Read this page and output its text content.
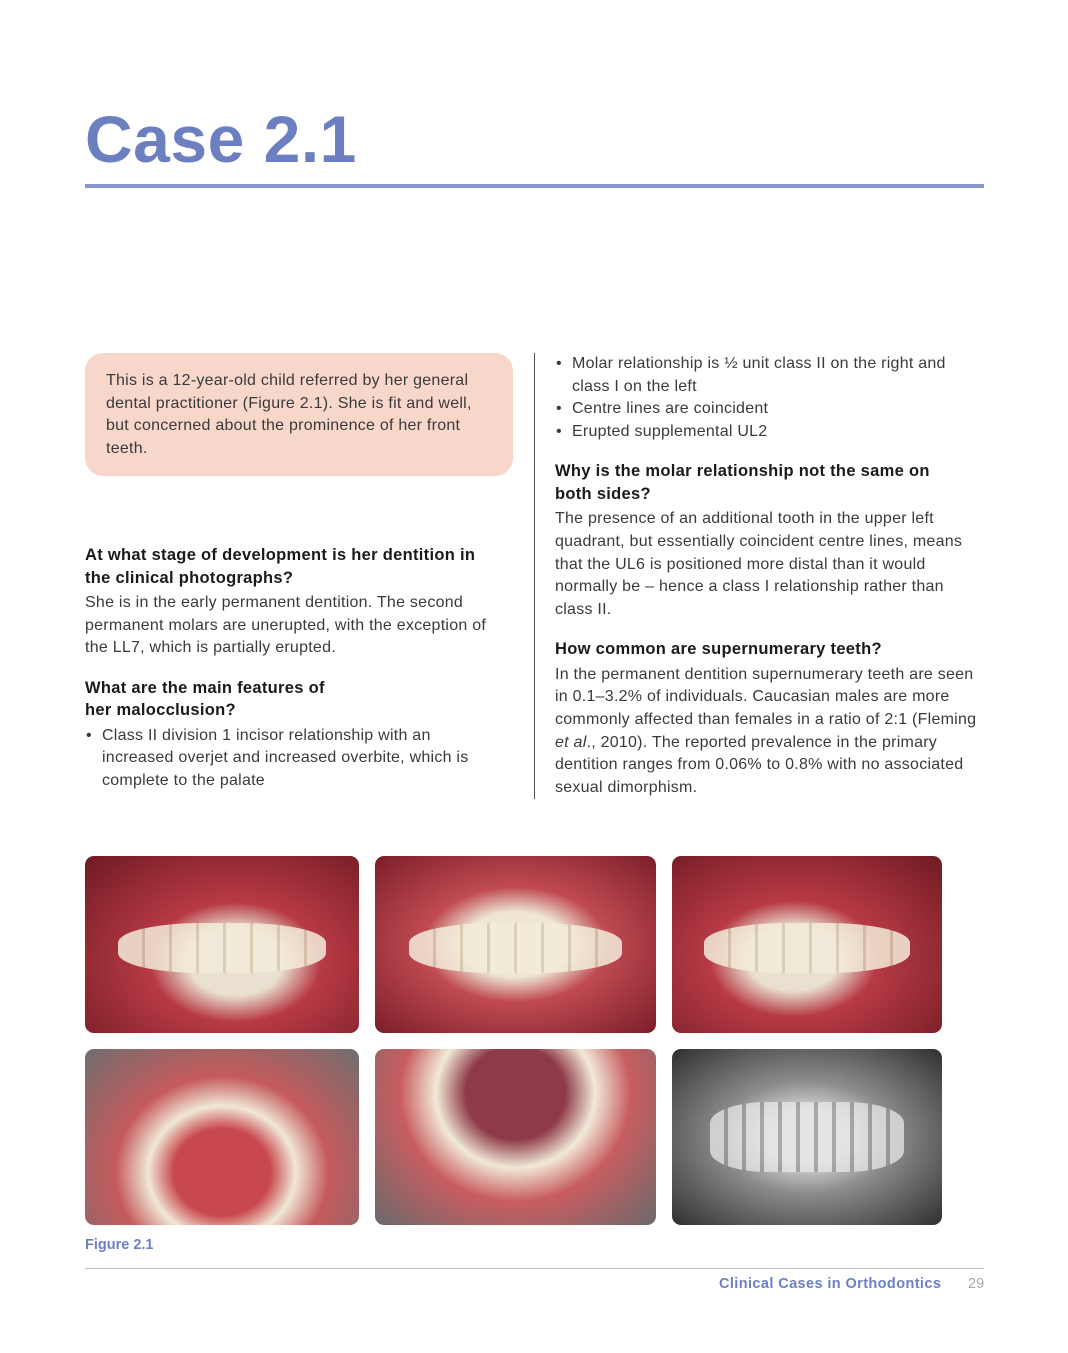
Case 2.1
This is a 12-year-old child referred by her general dental practitioner (Figure 2.1). She is fit and well, but concerned about the prominence of her front teeth.
At what stage of development is her dentition in the clinical photographs?
She is in the early permanent dentition. The second permanent molars are unerupted, with the exception of the LL7, which is partially erupted.
What are the main features of her malocclusion?
• Class II division 1 incisor relationship with an increased overjet and increased overbite, which is complete to the palate
• Molar relationship is ½ unit class II on the right and class I on the left
• Centre lines are coincident
• Erupted supplemental UL2
Why is the molar relationship not the same on both sides?
The presence of an additional tooth in the upper left quadrant, but essentially coincident centre lines, means that the UL6 is positioned more distal than it would normally be – hence a class I relationship rather than class II.
How common are supernumerary teeth?
In the permanent dentition supernumerary teeth are seen in 0.1–3.2% of individuals. Caucasian males are more commonly affected than females in a ratio of 2:1 (Fleming et al., 2010). The reported prevalence in the primary dentition ranges from 0.06% to 0.8% with no associated sexual dimorphism.
Figure 2.1
Clinical Cases in Orthodontics 29
